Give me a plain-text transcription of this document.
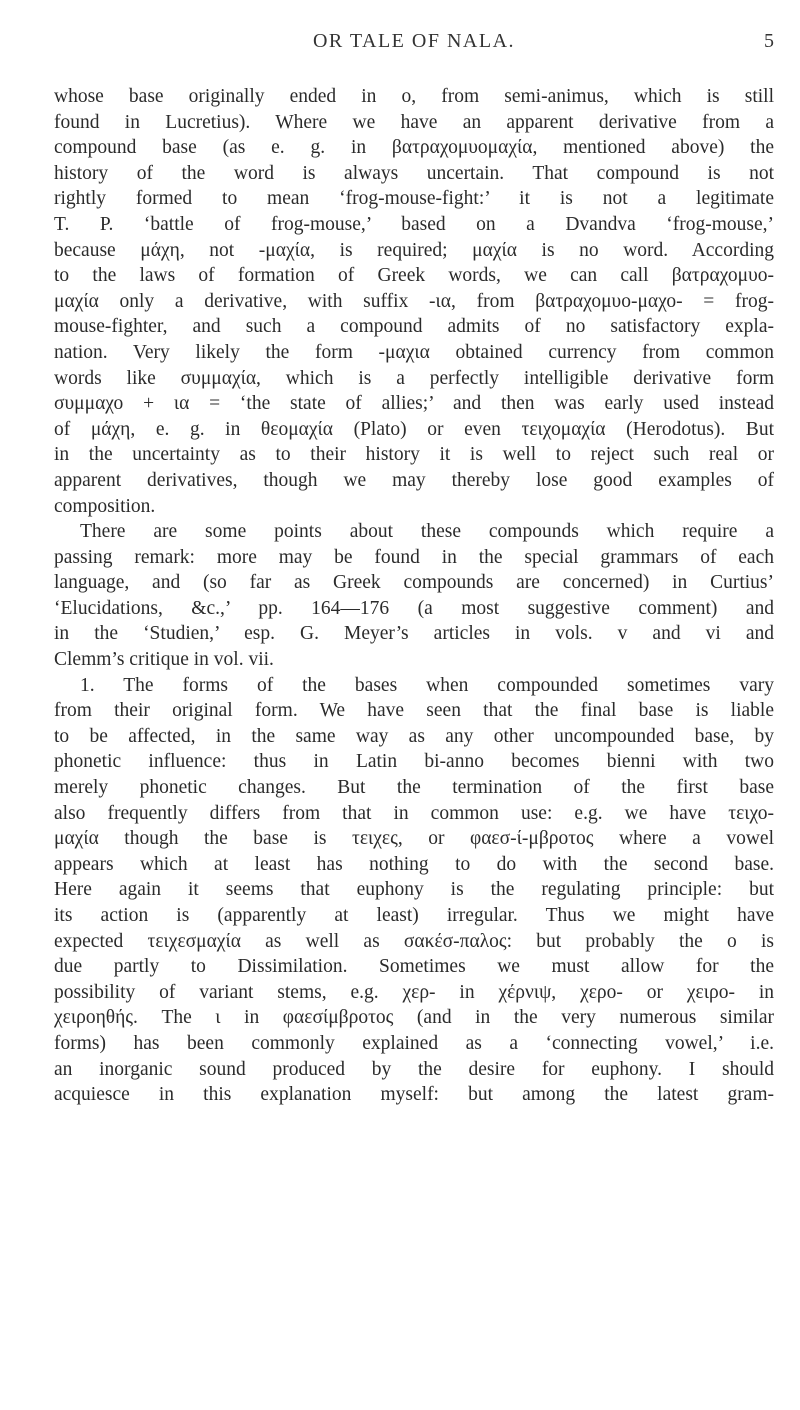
OR TALE OF NALA.	5
whose base originally ended in o, from semi-animus, which is still
found in Lucretius). Where we have an apparent derivative from a
compound base (as e. g. in βατραχομυομαχία, mentioned above) the
history of the word is always uncertain. That compound is not
rightly formed to mean ‘frog-mouse-fight:’ it is not a legitimate
T. P. ‘battle of frog-mouse,’ based on a Dvandva ‘frog-mouse,’
because μάχη, not -μαχία, is required; μαχία is no word. According
to the laws of formation of Greek words, we can call βατραχομυο-
μαχία only a derivative, with suffix -ια, from βατραχομυο-μαχο- = frog-
mouse-fighter, and such a compound admits of no satisfactory expla-
nation. Very likely the form -μαχια obtained currency from common
words like συμμαχία, which is a perfectly intelligible derivative form
συμμαχο + ια = ‘the state of allies;’ and then was early used instead
of μάχη, e. g. in θεομαχία (Plato) or even τειχομαχία (Herodotus). But
in the uncertainty as to their history it is well to reject such real or
apparent derivatives, though we may thereby lose good examples of
composition.
There are some points about these compounds which require a
passing remark: more may be found in the special grammars of each
language, and (so far as Greek compounds are concerned) in Curtius’
‘Elucidations, &c.,’ pp. 164—176 (a most suggestive comment) and
in the ‘Studien,’ esp. G. Meyer’s articles in vols. v and vi and
Clemm’s critique in vol. vii.
1. The forms of the bases when compounded sometimes vary
from their original form. We have seen that the final base is liable
to be affected, in the same way as any other uncompounded base, by
phonetic influence: thus in Latin bi-anno becomes bienni with two
merely phonetic changes. But the termination of the first base
also frequently differs from that in common use: e.g. we have τειχο-
μαχία though the base is τειχες, or φαεσ-ί-μβροτος where a vowel
appears which at least has nothing to do with the second base.
Here again it seems that euphony is the regulating principle: but
its action is (apparently at least) irregular. Thus we might have
expected τειχεσμαχία as well as σακέσ-παλος: but probably the o is
due partly to Dissimilation. Sometimes we must allow for the
possibility of variant stems, e.g. χερ- in χέρνιψ, χερο- or χειρο- in
χειροηθής. The ι in φαεσίμβροτος (and in the very numerous similar
forms) has been commonly explained as a ‘connecting vowel,’ i.e.
an inorganic sound produced by the desire for euphony. I should
acquiesce in this explanation myself: but among the latest gram-
